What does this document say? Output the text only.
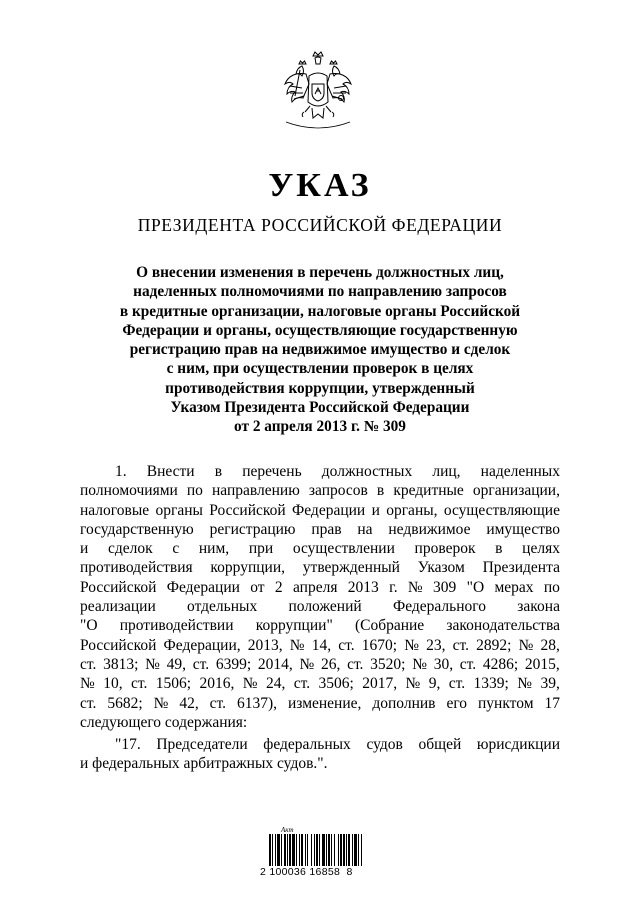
УКАЗ
ПРЕЗИДЕНТА РОССИЙСКОЙ ФЕДЕРАЦИИ
О внесении изменения в перечень должностных лиц,
наделенных полномочиями по направлению запросов
в кредитные организации, налоговые органы Российской
Федерации и органы, осуществляющие государственную
регистрацию прав на недвижимое имущество и сделок
с ним, при осуществлении проверок в целях
противодействия коррупции, утвержденный
Указом Президента Российской Федерации
от 2 апреля 2013 г. № 309
1. Внести в перечень должностных лиц, наделенных
полномочиями по направлению запросов в кредитные организации,
налоговые органы Российской Федерации и органы, осуществляющие
государственную регистрацию прав на недвижимое имущество
и сделок с ним, при осуществлении проверок в целях
противодействия коррупции, утвержденный Указом Президента
Российской Федерации от 2 апреля 2013 г. № 309 "О мерах по
реализации отдельных положений Федерального закона
"О противодействии коррупции" (Собрание законодательства
Российской Федерации, 2013, № 14, ст. 1670; № 23, ст. 2892; № 28,
ст. 3813; № 49, ст. 6399; 2014, № 26, ст. 3520; № 30, ст. 4286; 2015,
№ 10, ст. 1506; 2016, № 24, ст. 3506; 2017, № 9, ст. 1339; № 39,
ст. 5682; № 42, ст. 6137), изменение, дополнив его пунктом 17
следующего содержания:
"17. Председатели федеральных судов общей юрисдикции
и федеральных арбитражных судов.".
Акт
2 100036 16858  8
